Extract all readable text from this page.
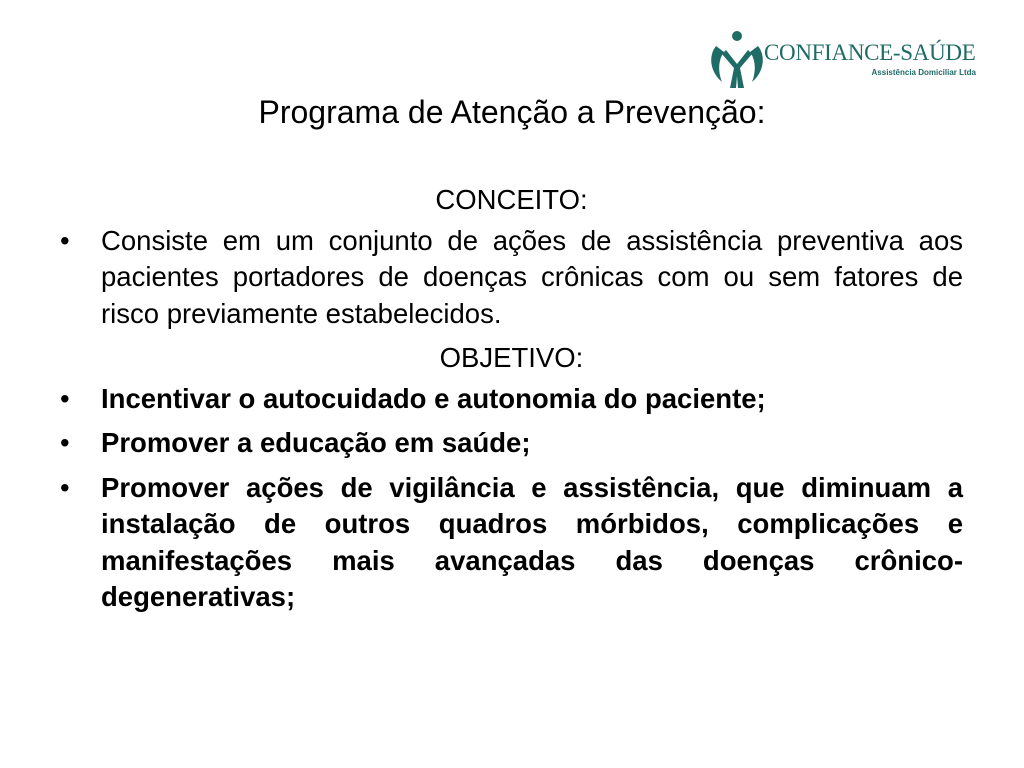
CONFIANCE-SAÚDE
Assistência Domiciliar Ltda
Programa de Atenção a Prevenção:
CONCEITO:
• Consiste em um conjunto de ações de assistência preventiva aos pacientes portadores de doenças crônicas com ou sem fatores de risco previamente estabelecidos.
OBJETIVO:
• Incentivar o autocuidado e autonomia do paciente;
• Promover a educação em saúde;
• Promover ações de vigilância e assistência, que diminuam a instalação de outros quadros mórbidos, complicações e manifestações mais avançadas das doenças crônico-degenerativas;
